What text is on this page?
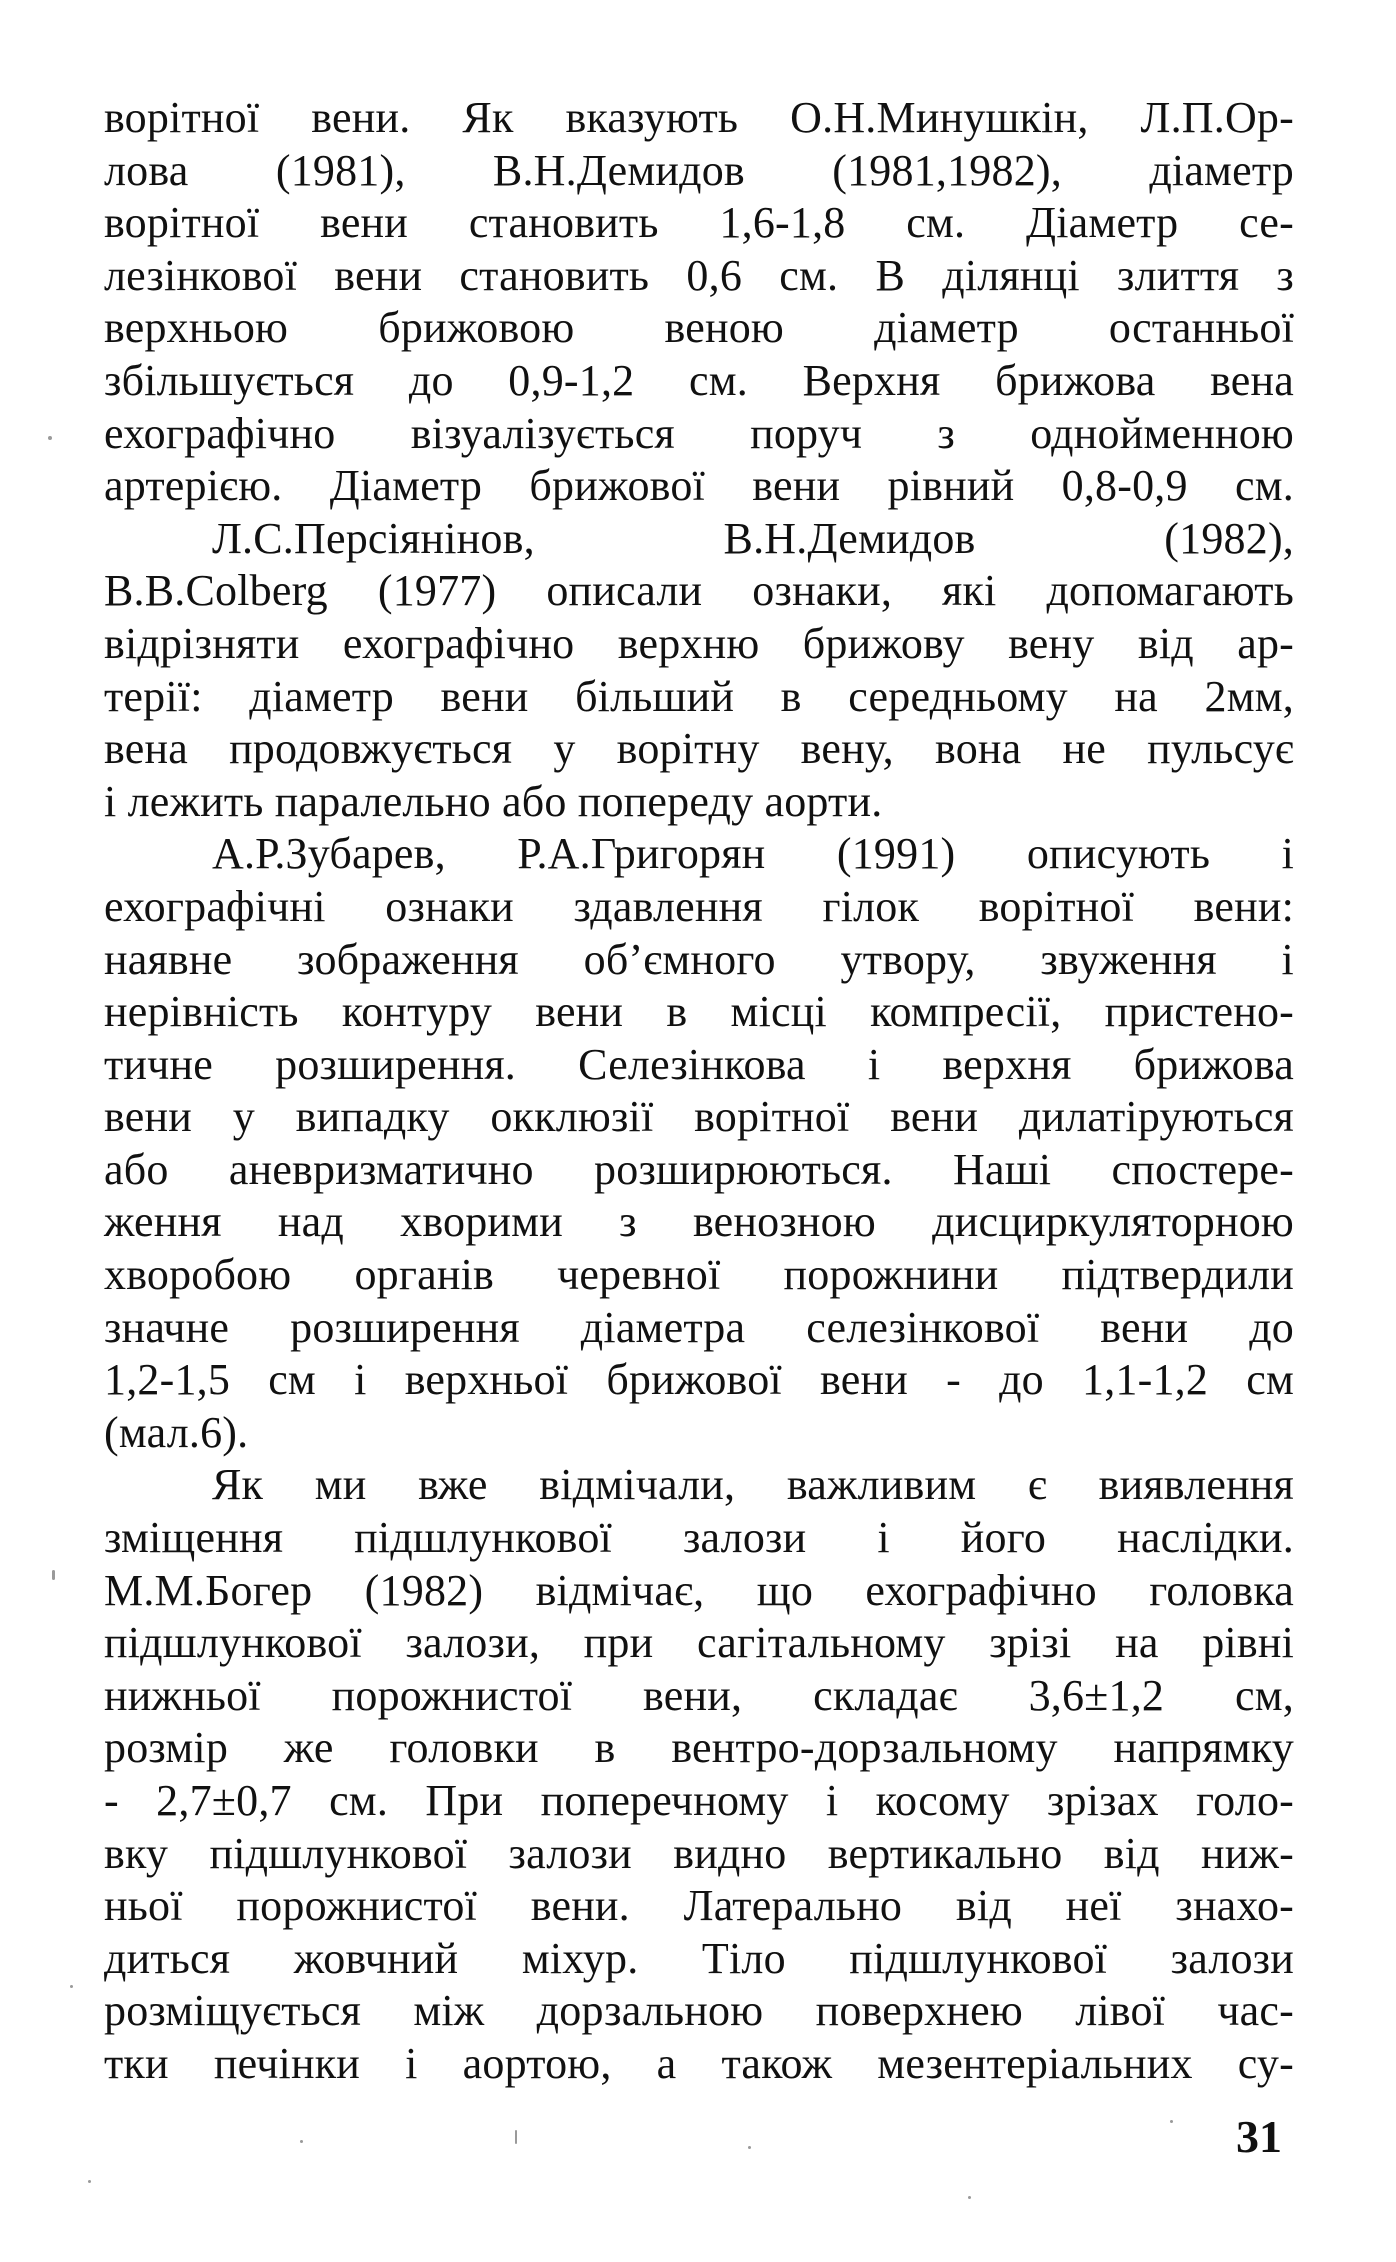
ворітної вени. Як вказують О.Н.Минушкін, Л.П.Ор-
лова (1981), В.Н.Демидов (1981,1982), діаметр
ворітної вени становить 1,6-1,8 см. Діаметр се-
лезінкової вени становить 0,6 см. В ділянці злиття з
верхньою брижовою веною діаметр останньої
збільшується до 0,9-1,2 см. Верхня брижова вена
ехографічно візуалізується поруч з однойменною
артерією. Діаметр брижової вени рівний 0,8-0,9 см.
Л.С.Персіянінов, В.Н.Демидов (1982),
В.В.Colberg (1977) описали ознаки, які допомагають
відрізняти ехографічно верхню брижову вену від ар-
терії: діаметр вени більший в середньому на 2мм,
вена продовжується у ворітну вену, вона не пульсує
і лежить паралельно або попереду аорти.
А.Р.Зубарев, Р.А.Григорян (1991) описують і
ехографічні ознаки здавлення гілок ворітної вени:
наявне зображення об’ємного утвору, звуження і
нерівність контуру вени в місці компресії, пристено-
тичне розширення. Селезінкова і верхня брижова
вени у випадку окклюзії ворітної вени дилатіруються
або аневризматично розширюються. Наші спостере-
ження над хворими з венозною дисциркуляторною
хворобою органів черевної порожнини підтвердили
значне розширення діаметра селезінкової вени до
1,2-1,5 см і верхньої брижової вени - до 1,1-1,2 см
(мал.6).
Як ми вже відмічали, важливим є виявлення
зміщення підшлункової залози і його наслідки.
М.М.Богер (1982) відмічає, що ехографічно головка
підшлункової залози, при сагітальному зрізі на рівні
нижньої порожнистої вени, складає 3,6±1,2 см,
розмір же головки в вентро-дорзальному напрямку
- 2,7±0,7 см. При поперечному і косому зрізах голо-
вку підшлункової залози видно вертикально від ниж-
ньої порожнистої вени. Латерально від неї знахо-
диться жовчний міхур. Тіло підшлункової залози
розміщується між дорзальною поверхнею лівої час-
тки печінки і аортою, а також мезентеріальних су-
31
